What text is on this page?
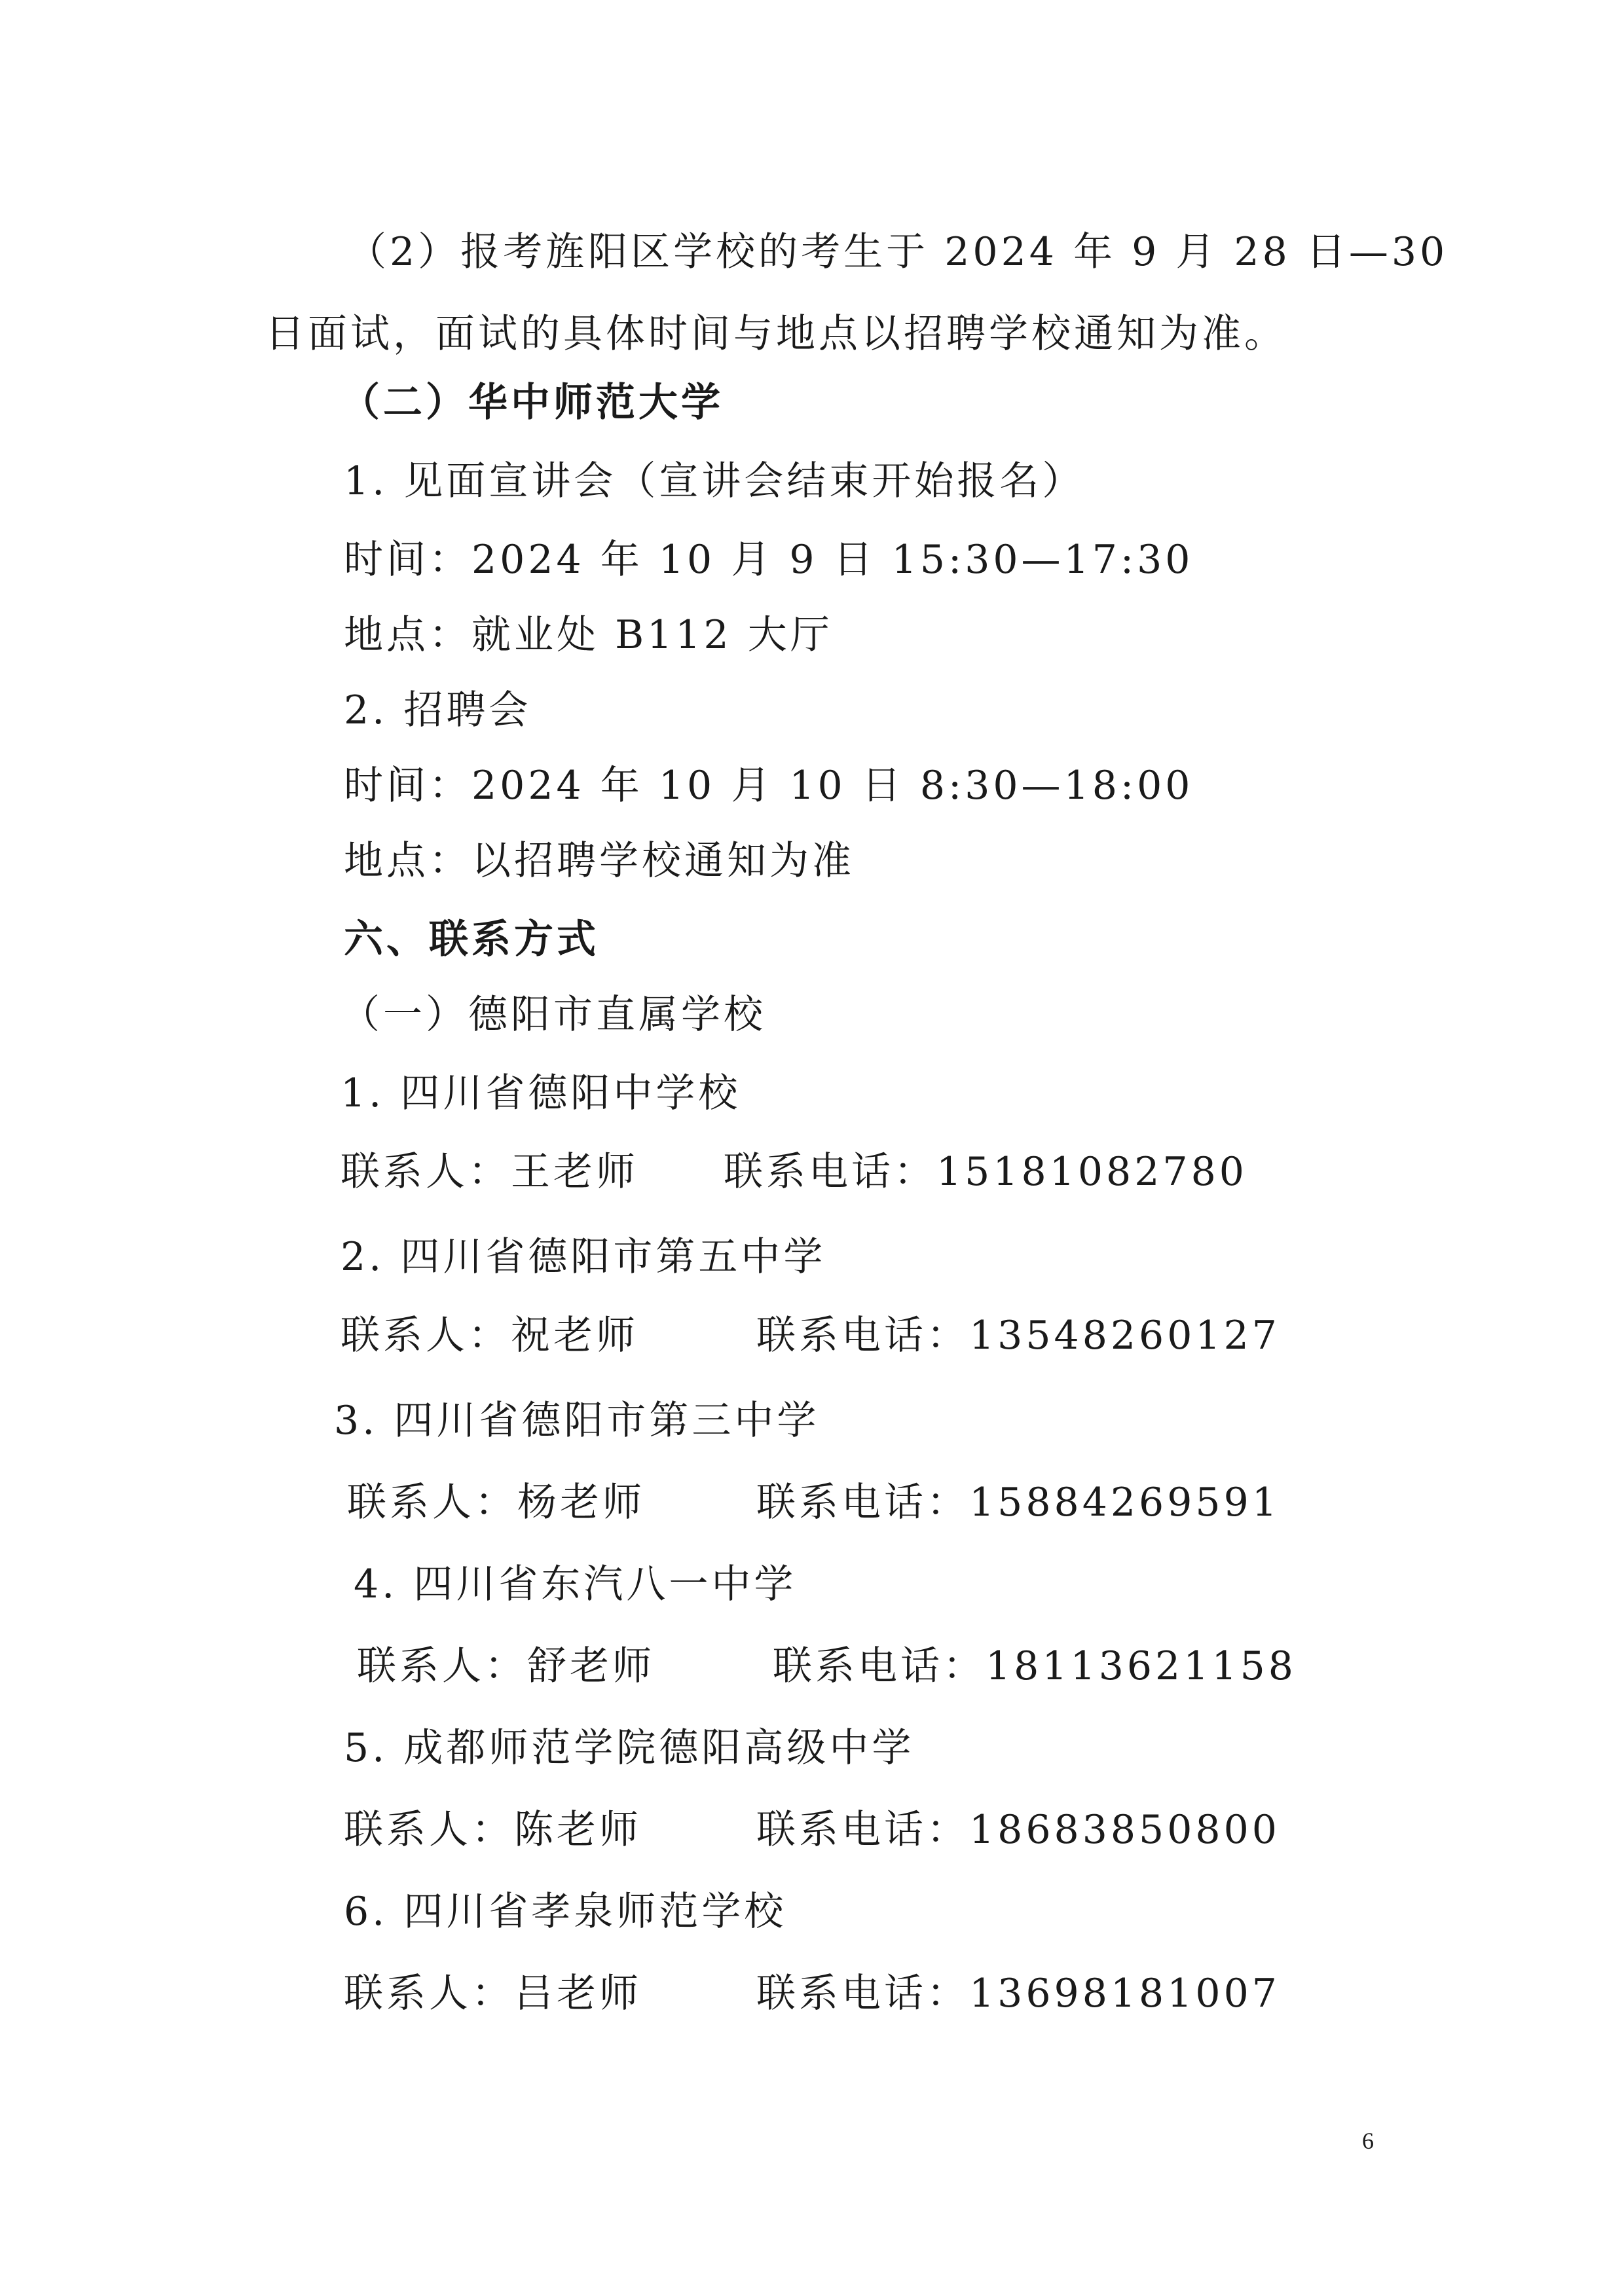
（2）报考旌阳区学校的考生于 2024 年 9 月 28 日—30
日面试，面试的具体时间与地点以招聘学校通知为准。
（二）华中师范大学
1. 见面宣讲会（宣讲会结束开始报名）
时间：2024 年 10 月 9 日 15:30—17:30
地点：就业处 B112 大厅
2. 招聘会
时间：2024 年 10 月 10 日 8:30—18:00
地点：以招聘学校通知为准
六、联系方式
（一）德阳市直属学校
1. 四川省德阳中学校
联系人：王老师 联系电话：15181082780
2. 四川省德阳市第五中学
联系人：祝老师	联系电话：13548260127
3. 四川省德阳市第三中学
联系人：杨老师	联系电话：15884269591
4. 四川省东汽八一中学
联系人：舒老师	联系电话：18113621158
5. 成都师范学院德阳高级中学
联系人：陈老师	联系电话：18683850800
6. 四川省孝泉师范学校
联系人：吕老师	联系电话：13698181007
6
